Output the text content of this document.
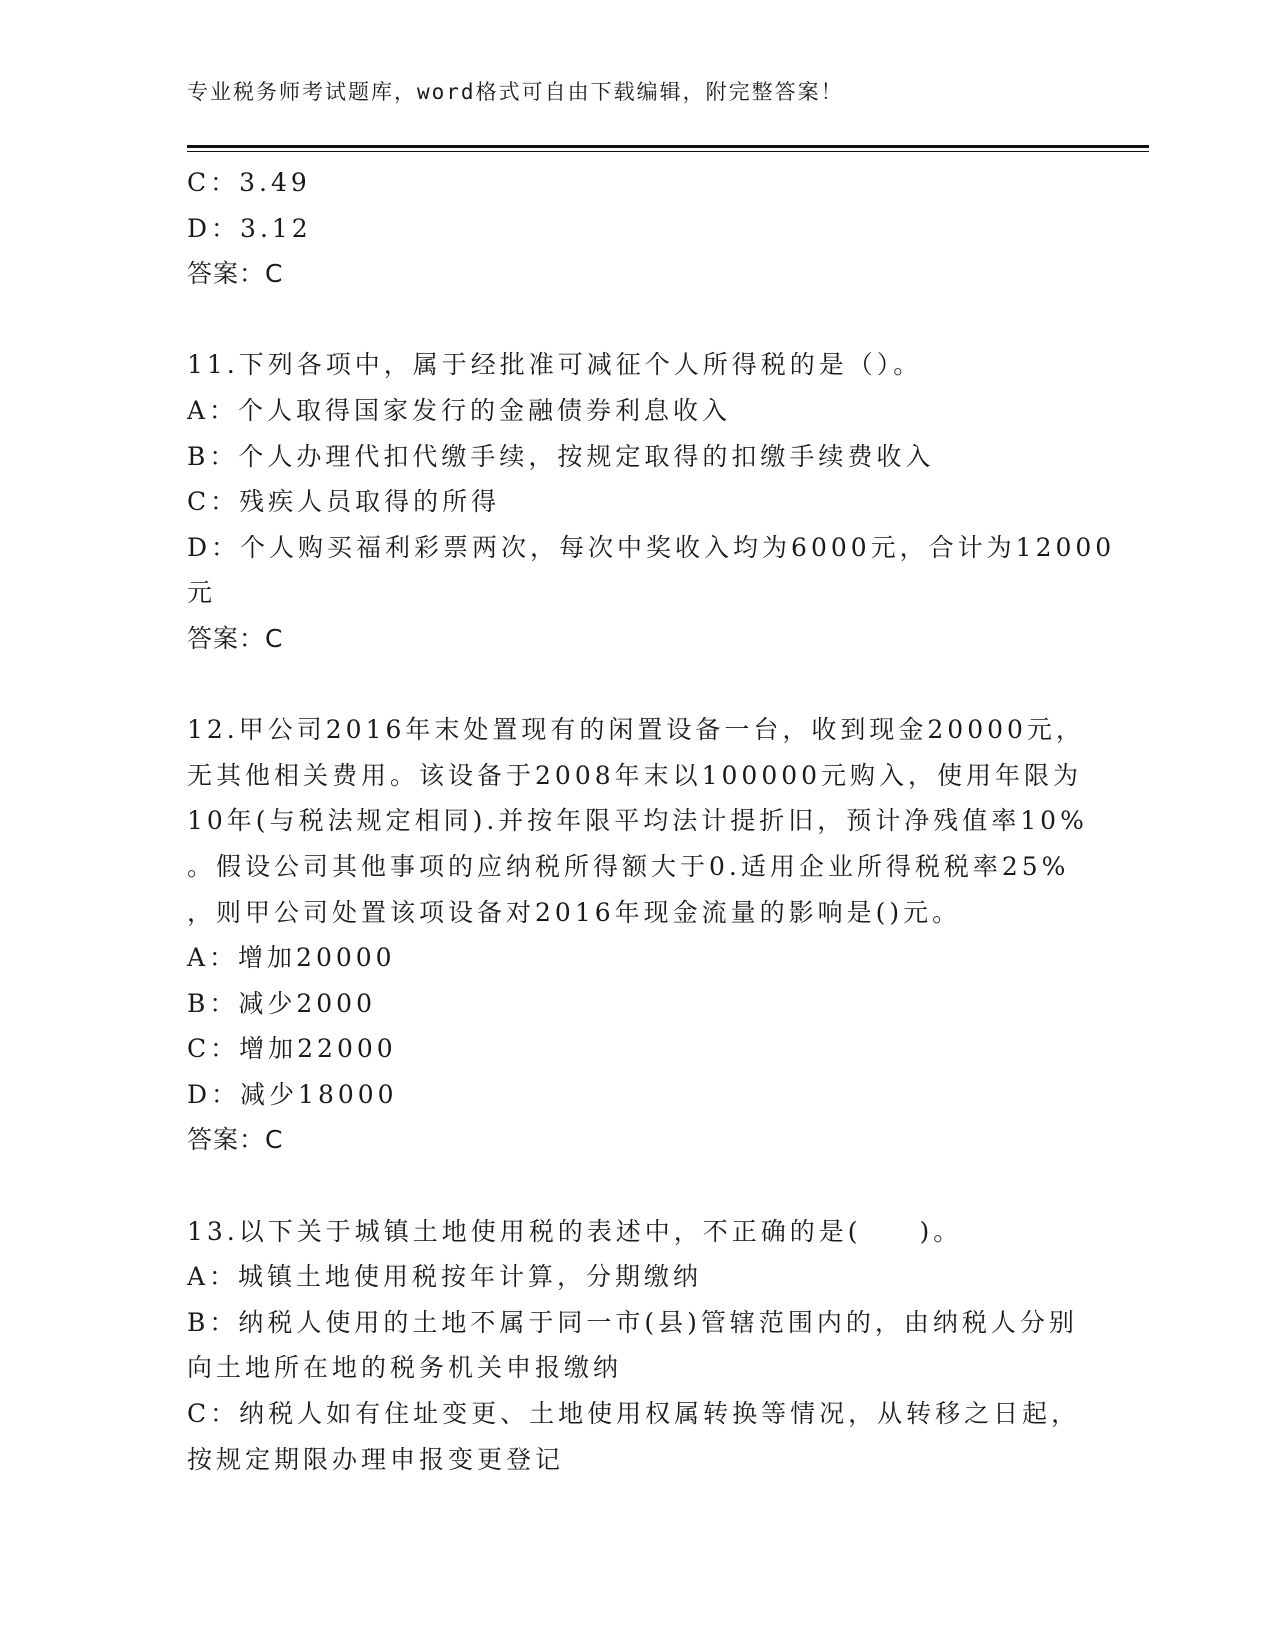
专业税务师考试题库，word格式可自由下载编辑，附完整答案！
C：3.49
D：3.12
答案：C
11.下列各项中，属于经批准可减征个人所得税的是（）。
A：个人取得国家发行的金融债券利息收入
B：个人办理代扣代缴手续，按规定取得的扣缴手续费收入
C：残疾人员取得的所得
D：个人购买福利彩票两次，每次中奖收入均为6000元，合计为12000
元
答案：C
12.甲公司2016年末处置现有的闲置设备一台，收到现金20000元，
无其他相关费用。该设备于2008年末以100000元购入，使用年限为
10年(与税法规定相同).并按年限平均法计提折旧，预计净残值率10%
。假设公司其他事项的应纳税所得额大于0.适用企业所得税税率25%
，则甲公司处置该项设备对2016年现金流量的影响是()元。
A：增加20000
B：减少2000
C：增加22000
D：减少18000
答案：C
13.以下关于城镇土地使用税的表述中，不正确的是(　　)。
A：城镇土地使用税按年计算，分期缴纳
B：纳税人使用的土地不属于同一市(县)管辖范围内的，由纳税人分别
向土地所在地的税务机关申报缴纳
C：纳税人如有住址变更、土地使用权属转换等情况，从转移之日起，
按规定期限办理申报变更登记
